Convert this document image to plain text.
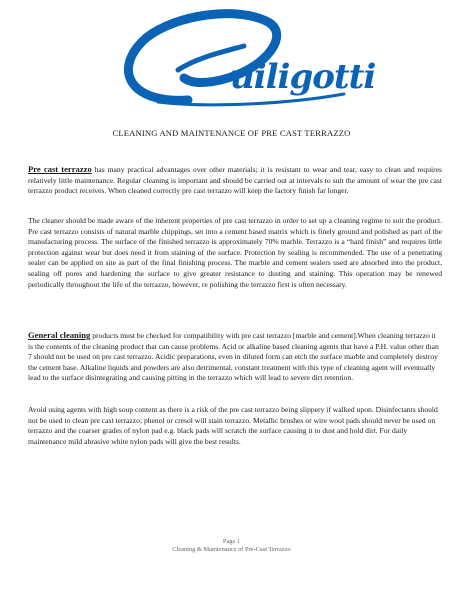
uiligotti
CLEANING AND MAINTENANCE OF PRE CAST TERRAZZO

Pre cast terrazzo has many practical advantages over other materials; it is resistant to wear and tear, easy to clean and requires relatively little maintenance. Regular cleaning is important and should be carried out at intervals to suit the amount of wear the pre cast terrazzo product receives. When cleaned correctly pre cast terrazzo will keep the factory finish far longer.

The cleaner should be made aware of the inherent properties of pre cast terrazzo in order to set up a cleaning regime to suit the product. Pre cast terrazzo consists of natural marble chippings, set into a cement based matrix which is finely ground and polished as part of the manufacturing process. The surface of the finished terrazzo is approximately 70% marble. Terrazzo is a “hard finish” and requires little protection against wear but does need it from staining of the surface. Protection by sealing is recommended. The use of a penetrating sealer can be applied on site as part of the final finishing process. The marble and cement sealers used are absorbed into the product, sealing off pores and hardening the surface to give greater resistance to dusting and staining. This operation may be renewed periodically throughout the life of the terrazzo, however, re polishing the terrazzo first is often necessary.

General cleaning products must be checked for compatibility with pre cast terrazzo [marble and cement].When cleaning terrazzo it is the contents of the cleaning product that can cause problems. Acid or alkaline based cleaning agents that have a P.H. value other than 7 should not be used on pre cast terrazzo. Acidic preparations, even in diluted form can etch the surface marble and completely destroy the cement base. Alkaline liquids and powders are also detrimental, constant treatment with this type of cleaning agent will eventually lead to the surface disintegrating and causing pitting in the terrazzo which will lead to severe dirt retention.

Avoid using agents with high soup content as there is a risk of the pre cast terrazzo being slippery if walked upon. Disinfectants should not be used to clean pre cast terrazzo; phenol or cresol will stain terrazzo. Metallic brushes or wire wool pads should never be used on terrazzo and the coarser grades of nylon pad e.g. black pads will scratch the surface causing it to dust and hold dirt. For daily maintenance mild abrasive white nylon pads will give the best results.

Page 1
Cleaning & Maintenance of Pre-Cast Terrazzo
